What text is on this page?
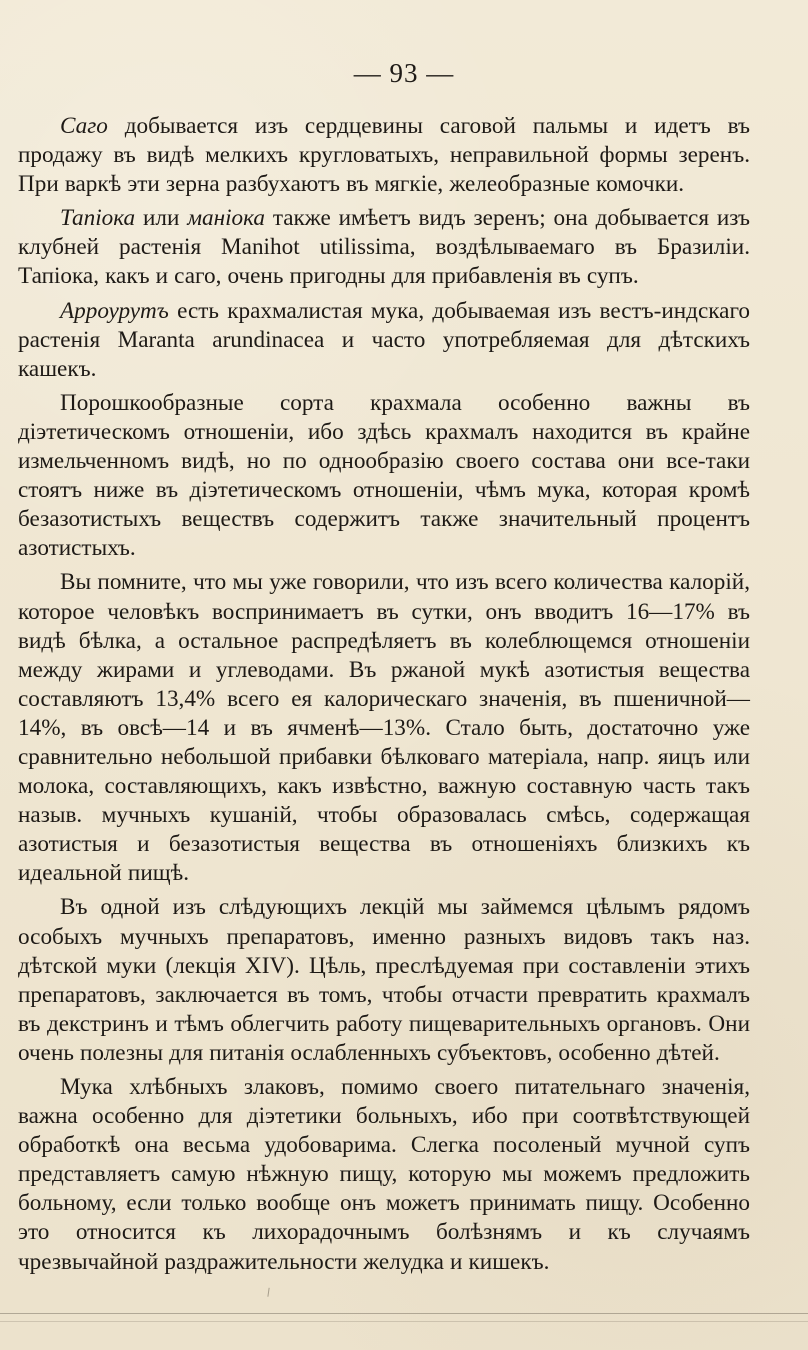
— 93 —

Саго добывается изъ сердцевины саговой пальмы и идетъ въ продажу въ видѣ мелкихъ кругловатыхъ, неправильной формы зеренъ. При варкѣ эти зерна разбухаютъ въ мягкіе, желеобразные комочки.

Тапіока или маніока также имѣетъ видъ зеренъ; она добывается изъ клубней растенія Manihot utilissima, воздѣлываемаго въ Бразиліи. Тапіока, какъ и саго, очень пригодны для прибавленія въ супъ.

Арроурутъ есть крахмалистая мука, добываемая изъ вестъ-индскаго растенія Maranta arundinacea и часто употребляемая для дѣтскихъ кашекъ.

Порошкообразные сорта крахмала особенно важны въ діэтетическомъ отношеніи, ибо здѣсь крахмалъ находится въ крайне измельченномъ видѣ, но по однообразію своего состава они все-таки стоятъ ниже въ діэтетическомъ отношеніи, чѣмъ мука, которая кромѣ безазотистыхъ веществъ содержитъ также значительный процентъ азотистыхъ.

Вы помните, что мы уже говорили, что изъ всего количества калорій, которое человѣкъ воспринимаетъ въ сутки, онъ вводитъ 16—17% въ видѣ бѣлка, а остальное распредѣляетъ въ колеблющемся отношеніи между жирами и углеводами. Въ ржаной мукѣ азотистыя вещества составляютъ 13,4% всего ея калорическаго значенія, въ пшеничной—14%, въ овсѣ—14 и въ ячменѣ—13%. Стало быть, достаточно уже сравнительно небольшой прибавки бѣлковаго матеріала, напр. яицъ или молока, составляющихъ, какъ извѣстно, важную составную часть такъ назыв. мучныхъ кушаній, чтобы образовалась смѣсь, содержащая азотистыя и безазотистыя вещества въ отношеніяхъ близкихъ къ идеальной пищѣ.

Въ одной изъ слѣдующихъ лекцій мы займемся цѣлымъ рядомъ особыхъ мучныхъ препаратовъ, именно разныхъ видовъ такъ наз. дѣтской муки (лекція XIV). Цѣль, преслѣдуемая при составленіи этихъ препаратовъ, заключается въ томъ, чтобы отчасти превратить крахмалъ въ декстринъ и тѣмъ облегчить работу пищеварительныхъ органовъ. Они очень полезны для питанія ослабленныхъ субъектовъ, особенно дѣтей.

Мука хлѣбныхъ злаковъ, помимо своего питательнаго значенія, важна особенно для діэтетики больныхъ, ибо при соотвѣтствующей обработкѣ она весьма удобоварима. Слегка посоленый мучной супъ представляетъ самую нѣжную пищу, которую мы можемъ предложить больному, если только вообще онъ можетъ принимать пищу. Особенно это относится къ лихорадочнымъ болѣзнямъ и къ случаямъ чрезвычайной раздражительности желудка и кишекъ.
